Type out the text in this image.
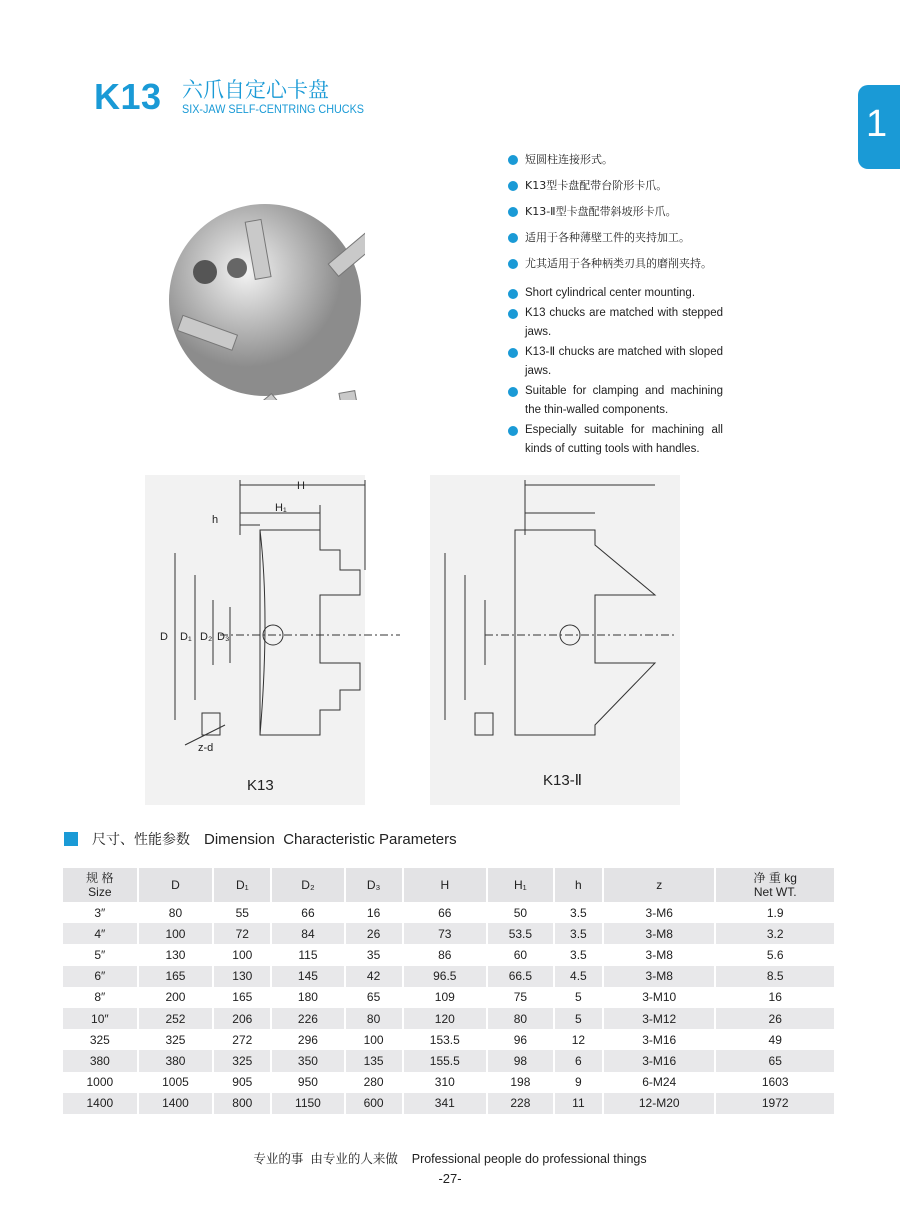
K13 六爪自定心卡盘
SIX-JAW SELF-CENTRING CHUCKS	1
短圆柱连接形式。
K13型卡盘配带台阶形卡爪。
K13-Ⅱ型卡盘配带斜坡形卡爪。
适用于各种薄壁工件的夹持加工。
尤其适用于各种柄类刃具的磨削夹持。
Short cylindrical center mounting.
K13 chucks are matched with stepped jaws.
K13-Ⅱ chucks are matched with sloped jaws.
Suitable for clamping and machining the thin-walled components.
Especially suitable for machining all kinds of cutting tools with handles.
H
H₁
h
D D₁ D₂ D₃
z-d
K13	K13-Ⅱ
尺寸、性能参数 Dimension  Characteristic Parameters
规 格
Size	D	D₁	D₂	D₃	H	H₁	h	z	净 重 kg
Net WT.
3″	80	55	66	16	66	50	3.5	3-M6	1.9
4″	100	72	84	26	73	53.5	3.5	3-M8	3.2
5″	130	100	115	35	86	60	3.5	3-M8	5.6
6″	165	130	145	42	96.5	66.5	4.5	3-M8	8.5
8″	200	165	180	65	109	75	5	3-M10	16
10″	252	206	226	80	120	80	5	3-M12	26
325	325	272	296	100	153.5	96	12	3-M16	49
380	380	325	350	135	155.5	98	6	3-M16	65
1000	1005	905	950	280	310	198	9	6-M24	1603
1400	1400	800	1150	600	341	228	11	12-M20	1972
专业的事  由专业的人来做    Professional people do professional things
-27-
